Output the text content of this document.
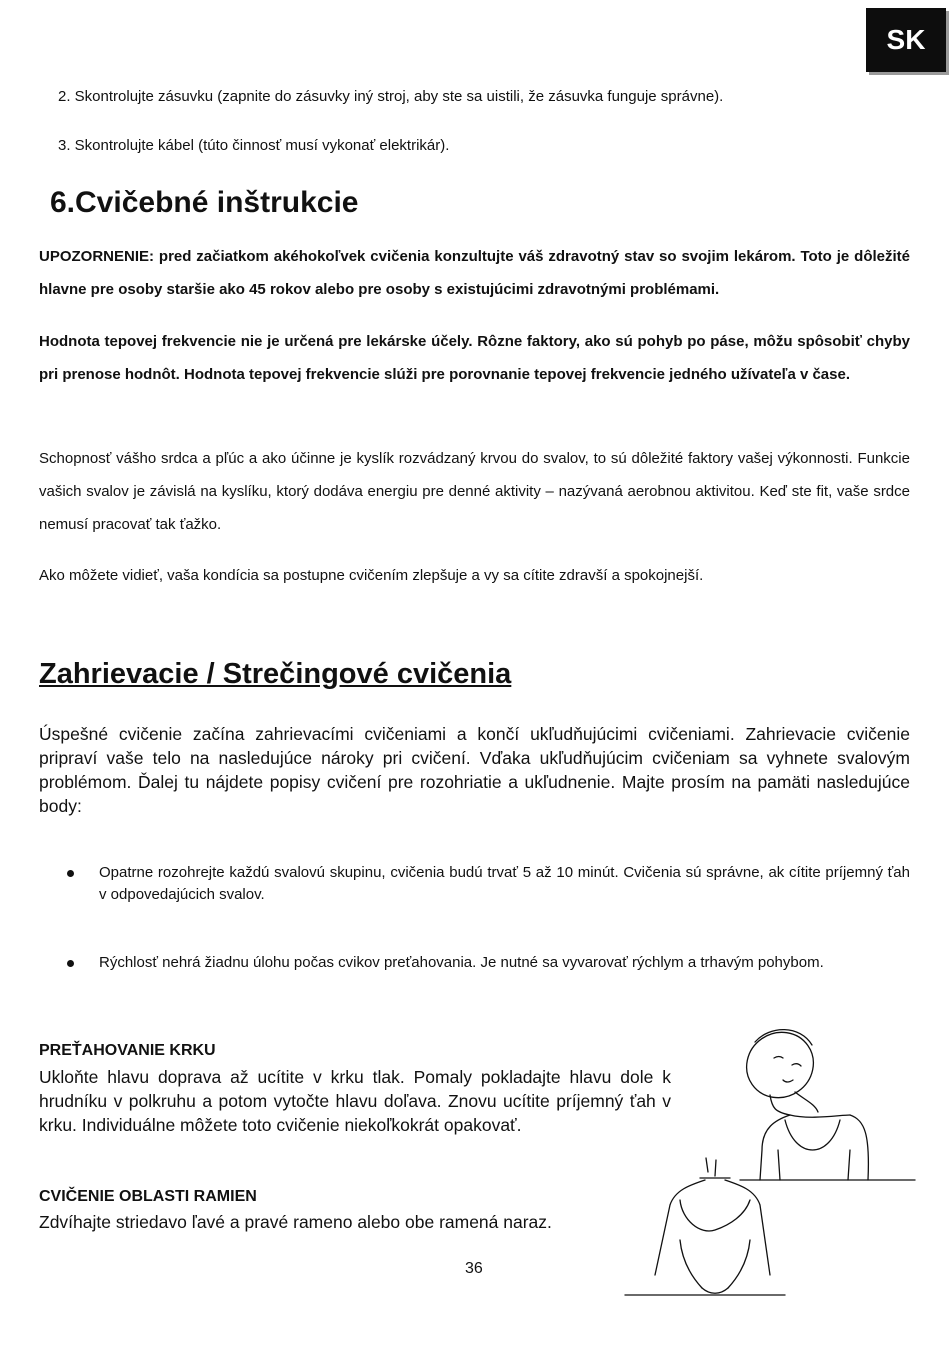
SK
2. Skontrolujte zásuvku (zapnite do zásuvky iný stroj, aby ste sa uistili, že zásuvka funguje správne).
3. Skontrolujte kábel (túto činnosť musí vykonať elektrikár).
6.Cvičebné inštrukcie
UPOZORNENIE: pred začiatkom akéhokoľvek cvičenia konzultujte váš zdravotný stav so svojim lekárom. Toto je dôležité hlavne pre osoby staršie ako 45 rokov alebo pre osoby s existujúcimi zdravotnými problémami.
Hodnota tepovej frekvencie nie je určená pre lekárske účely. Rôzne faktory, ako sú pohyb po páse, môžu spôsobiť chyby pri prenose hodnôt. Hodnota tepovej frekvencie slúži pre porovnanie tepovej frekvencie jedného užívateľa v čase.
Schopnosť vášho srdca a pľúc a ako účinne je kyslík rozvádzaný krvou do svalov, to sú dôležité faktory vašej výkonnosti. Funkcie vašich svalov je závislá na kyslíku, ktorý dodáva energiu pre denné aktivity – nazývaná aerobnou aktivitou. Keď ste fit, vaše srdce nemusí pracovať tak ťažko.
Ako môžete vidieť, vaša kondícia sa postupne cvičením zlepšuje a vy sa cítite zdravší a spokojnejší.
Zahrievacie / Strečingové cvičenia
Úspešné cvičenie začína zahrievacími cvičeniami a končí ukľudňujúcimi cvičeniami. Zahrievacie cvičenie pripraví vaše telo na nasledujúce nároky pri cvičení. Vďaka ukľudňujúcim cvičeniam sa vyhnete svalovým problémom. Ďalej tu nájdete popisy cvičení pre rozohriatie a ukľudnenie. Majte prosím na pamäti nasledujúce body:
Opatrne rozohrejte každú svalovú skupinu, cvičenia budú trvať 5 až 10 minút. Cvičenia sú správne, ak cítite príjemný ťah v odpovedajúcich svalov.
Rýchlosť nehrá žiadnu úlohu počas cvikov preťahovania. Je nutné sa vyvarovať rýchlym a trhavým pohybom.
PREŤAHOVANIE KRKU
Ukloňte hlavu doprava až ucítite v krku tlak. Pomaly pokladajte hlavu dole k hrudníku v polkruhu a potom vytočte hlavu doľava. Znovu ucítite príjemný ťah v krku. Individuálne môžete toto cvičenie niekoľkokrát opakovať.
CVIČENIE OBLASTI RAMIEN
Zdvíhajte striedavo ľavé a pravé rameno alebo obe ramená naraz.
36
